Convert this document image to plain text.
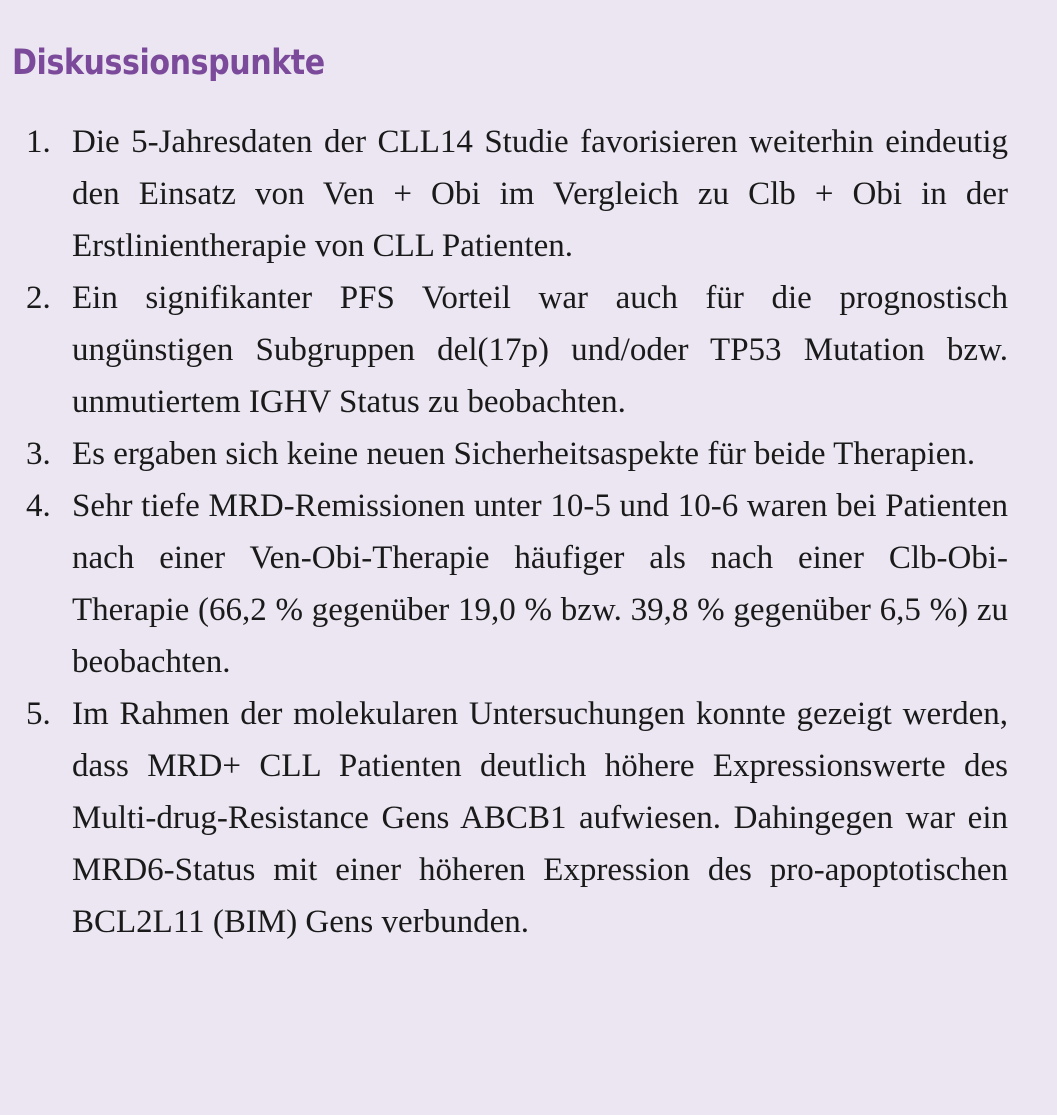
Diskussionspunkte
1. Die 5-Jahresdaten der CLL14 Studie favorisieren weiterhin eindeutig den Einsatz von Ven + Obi im Vergleich zu Clb + Obi in der Erstlinientherapie von CLL Patienten.

2. Ein signifikanter PFS Vorteil war auch für die prognostisch ungünstigen Subgruppen del(17p) und/oder TP53 Mutation bzw. unmutiertem IGHV Status zu beobachten.

3. Es ergaben sich keine neuen Sicherheitsaspekte für beide Therapien.

4. Sehr tiefe MRD-Remissionen unter 10-5 und 10-6 waren bei Patienten nach einer Ven-Obi-Therapie häufiger als nach einer Clb-Obi-Therapie (66,2 % gegenüber 19,0 % bzw. 39,8 % gegenüber 6,5 %) zu beobachten.

5. Im Rahmen der molekularen Untersuchungen konnte gezeigt werden, dass MRD+ CLL Patienten deutlich höhere Expressionswerte des Multi-drug-Resistance Gens ABCB1 aufwiesen. Dahingegen war ein MRD6-Status mit einer höheren Expression des pro-apoptotischen BCL2L11 (BIM) Gens verbunden.
